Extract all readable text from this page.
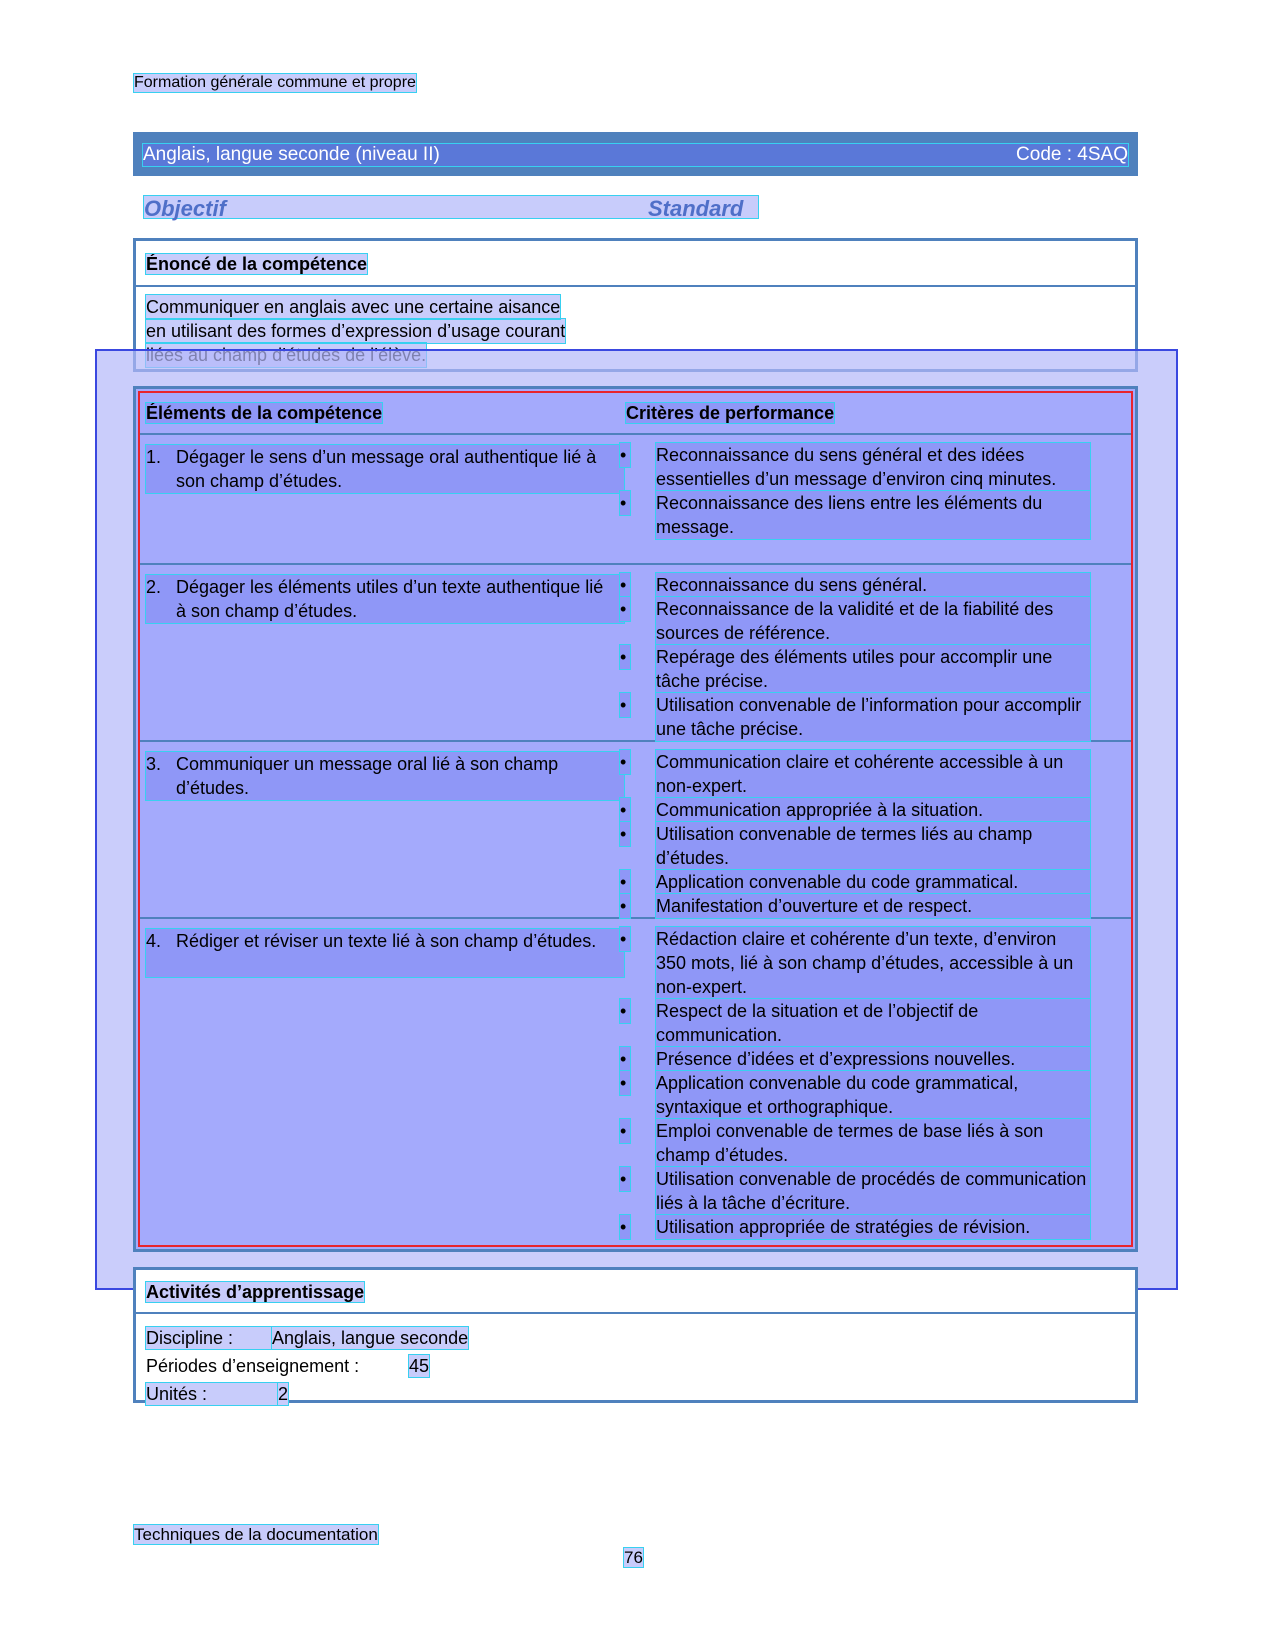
Formation générale commune et propre
Anglais, langue seconde (niveau II)	Code : 4SAQ
Objectif	Standard
Énoncé de la compétence
Communiquer en anglais avec une certaine aisance
en utilisant des formes d’expression d’usage courant
Éléments de la compétence	Critères de performance
1. Dégager le sens d’un message oral authentique lié à son champ d’études.
• Reconnaissance du sens général et des idées essentielles d’un message d’environ cinq minutes.
• Reconnaissance des liens entre les éléments du message.
2. Dégager les éléments utiles d’un texte authentique lié à son champ d’études.
• Reconnaissance du sens général.
• Reconnaissance de la validité et de la fiabilité des sources de référence.
• Repérage des éléments utiles pour accomplir une tâche précise.
• Utilisation convenable de l’information pour accomplir une tâche précise.
3. Communiquer un message oral lié à son champ d’études.
• Communication claire et cohérente accessible à un non-expert.
• Communication appropriée à la situation.
• Utilisation convenable de termes liés au champ d’études.
• Application convenable du code grammatical.
• Manifestation d’ouverture et de respect.
4. Rédiger et réviser un texte lié à son champ d’études.	• Rédaction claire et cohérente d’un texte, d’environ 350 mots, lié à son champ d’études, accessible à un non-expert.
• Respect de la situation et de l’objectif de communication.
• Présence d’idées et d’expressions nouvelles.
• Application convenable du code grammatical, syntaxique et orthographique.
• Emploi convenable de termes de base liés à son champ d’études.
• Utilisation convenable de procédés de communication liés à la tâche d’écriture.
• Utilisation appropriée de stratégies de révision.
Activités d’apprentissage
Discipline : Anglais, langue seconde
Périodes d’enseignement :	45
Unités :	2
Techniques de la documentation
76
